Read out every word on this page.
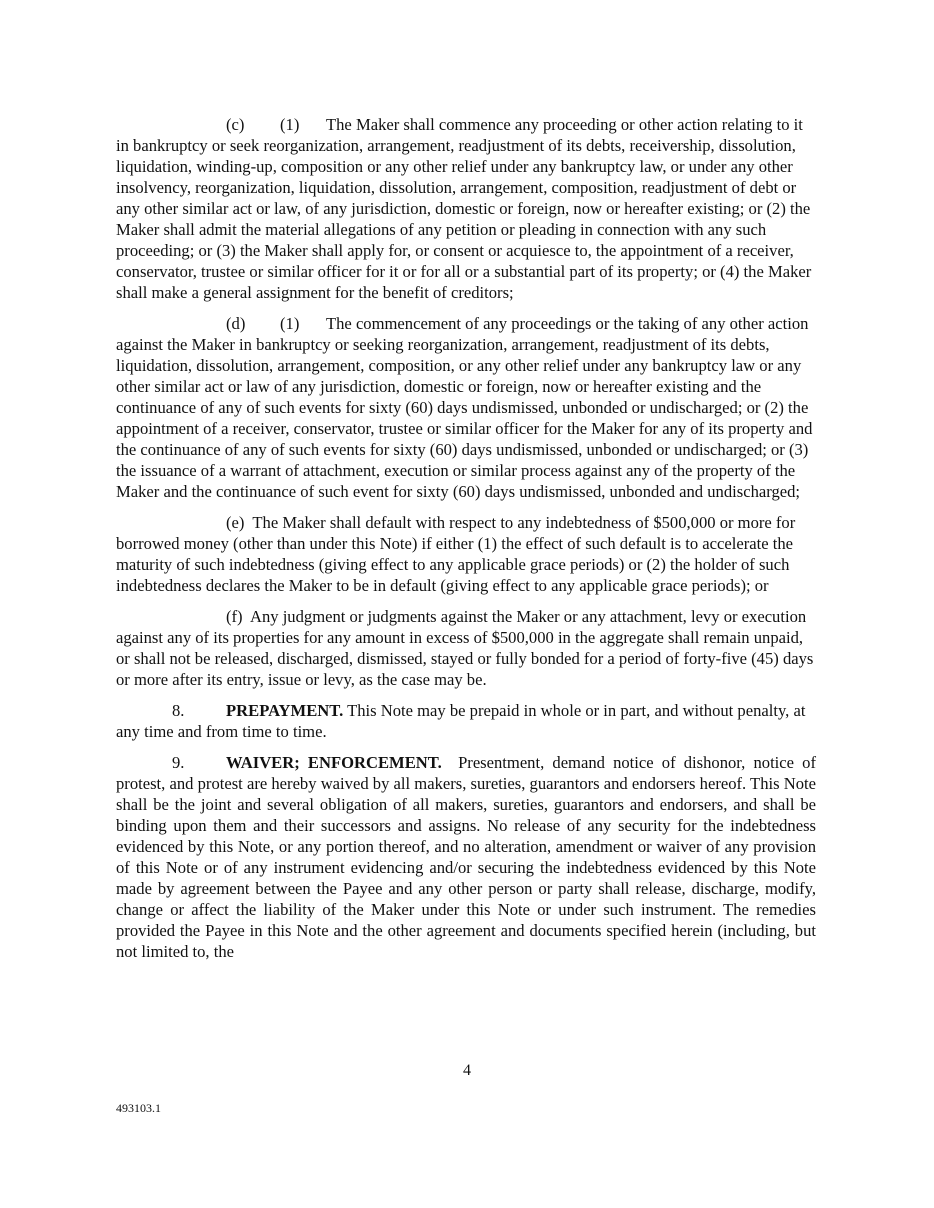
(c) (1) The Maker shall commence any proceeding or other action relating to it in bankruptcy or seek reorganization, arrangement, readjustment of its debts, receivership, dissolution, liquidation, winding-up, composition or any other relief under any bankruptcy law, or under any other insolvency, reorganization, liquidation, dissolution, arrangement, composition, readjustment of debt or any other similar act or law, of any jurisdiction, domestic or foreign, now or hereafter existing; or (2) the Maker shall admit the material allegations of any petition or pleading in connection with any such proceeding; or (3) the Maker shall apply for, or consent or acquiesce to, the appointment of a receiver, conservator, trustee or similar officer for it or for all or a substantial part of its property; or (4) the Maker shall make a general assignment for the benefit of creditors;

(d) (1) The commencement of any proceedings or the taking of any other action against the Maker in bankruptcy or seeking reorganization, arrangement, readjustment of its debts, liquidation, dissolution, arrangement, composition, or any other relief under any bankruptcy law or any other similar act or law of any jurisdiction, domestic or foreign, now or hereafter existing and the continuance of any of such events for sixty (60) days undismissed, unbonded or undischarged; or (2) the appointment of a receiver, conservator, trustee or similar officer for the Maker for any of its property and the continuance of any of such events for sixty (60) days undismissed, unbonded or undischarged; or (3) the issuance of a warrant of attachment, execution or similar process against any of the property of the Maker and the continuance of such event for sixty (60) days undismissed, unbonded and undischarged;

(e) The Maker shall default with respect to any indebtedness of $500,000 or more for borrowed money (other than under this Note) if either (1) the effect of such default is to accelerate the maturity of such indebtedness (giving effect to any applicable grace periods) or (2) the holder of such indebtedness declares the Maker to be in default (giving effect to any applicable grace periods); or

(f) Any judgment or judgments against the Maker or any attachment, levy or execution against any of its properties for any amount in excess of $500,000 in the aggregate shall remain unpaid, or shall not be released, discharged, dismissed, stayed or fully bonded for a period of forty-five (45) days or more after its entry, issue or levy, as the case may be.

8.	PREPAYMENT. This Note may be prepaid in whole or in part, and without penalty, at any time and from time to time.

9.	WAIVER; ENFORCEMENT. Presentment, demand notice of dishonor, notice of protest, and protest are hereby waived by all makers, sureties, guarantors and endorsers hereof. This Note shall be the joint and several obligation of all makers, sureties, guarantors and endorsers, and shall be binding upon them and their successors and assigns. No release of any security for the indebtedness evidenced by this Note, or any portion thereof, and no alteration, amendment or waiver of any provision of this Note or of any instrument evidencing and/or securing the indebtedness evidenced by this Note made by agreement between the Payee and any other person or party shall release, discharge, modify, change or affect the liability of the Maker under this Note or under such instrument. The remedies provided the Payee in this Note and the other agreement and documents specified herein (including, but not limited to, the

4
493103.1
